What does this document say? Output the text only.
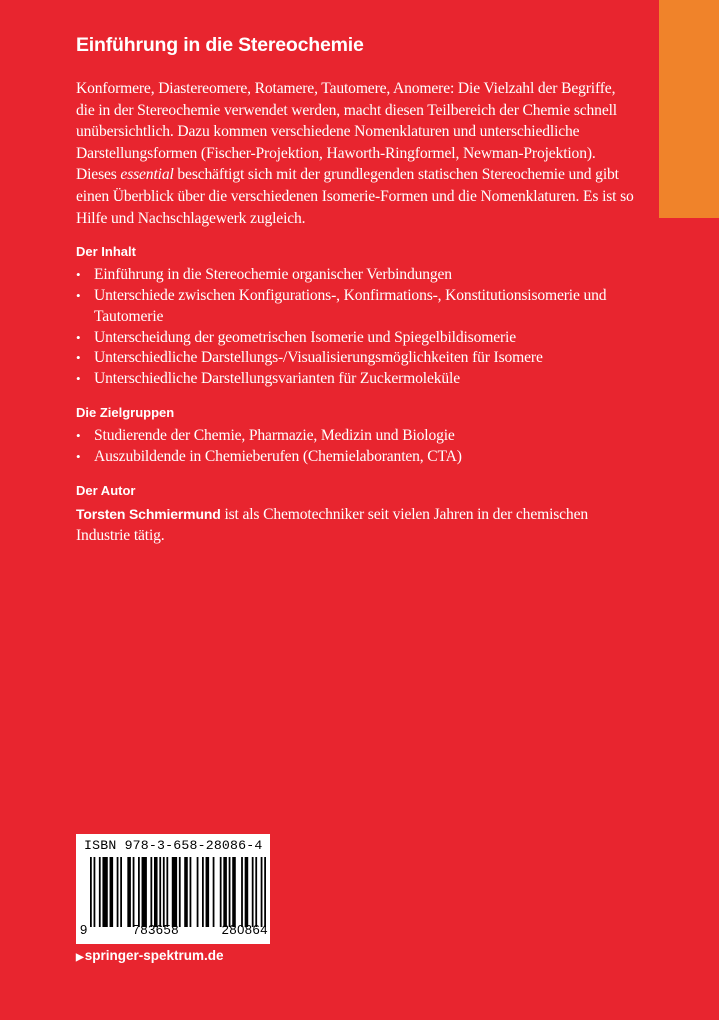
Einführung in die Stereochemie

Konformere, Diastereomere, Rotamere, Tautomere, Anomere: Die Vielzahl der Begriffe, die in der Stereochemie verwendet werden, macht diesen Teilbereich der Chemie schnell unübersichtlich. Dazu kommen verschiedene Nomenklaturen und unterschiedliche Darstellungsformen (Fischer-Projektion, Haworth-Ringformel, Newman-Projektion). Dieses essential beschäftigt sich mit der grundlegenden statischen Stereochemie und gibt einen Überblick über die verschiedenen Isomerie-Formen und die Nomenklaturen. Es ist so Hilfe und Nachschlagewerk zugleich.

Der Inhalt
• Einführung in die Stereochemie organischer Verbindungen
• Unterschiede zwischen Konfigurations-, Konfirmations-, Konstitutionsisomerie und Tautomerie
• Unterscheidung der geometrischen Isomerie und Spiegelbildisomerie
• Unterschiedliche Darstellungs-/Visualisierungsmöglichkeiten für Isomere
• Unterschiedliche Darstellungsvarianten für Zuckermoleküle
Die Zielgruppen
• Studierende der Chemie, Pharmazie, Medizin und Biologie
• Auszubildende in Chemieberufen (Chemielaboranten, CTA)
Der Autor

Torsten Schmiermund ist als Chemotechniker seit vielen Jahren in der chemischen Industrie tätig.

ISBN 978-3-658-28086-4
9	783658	280864
▶springer-spektrum.de
